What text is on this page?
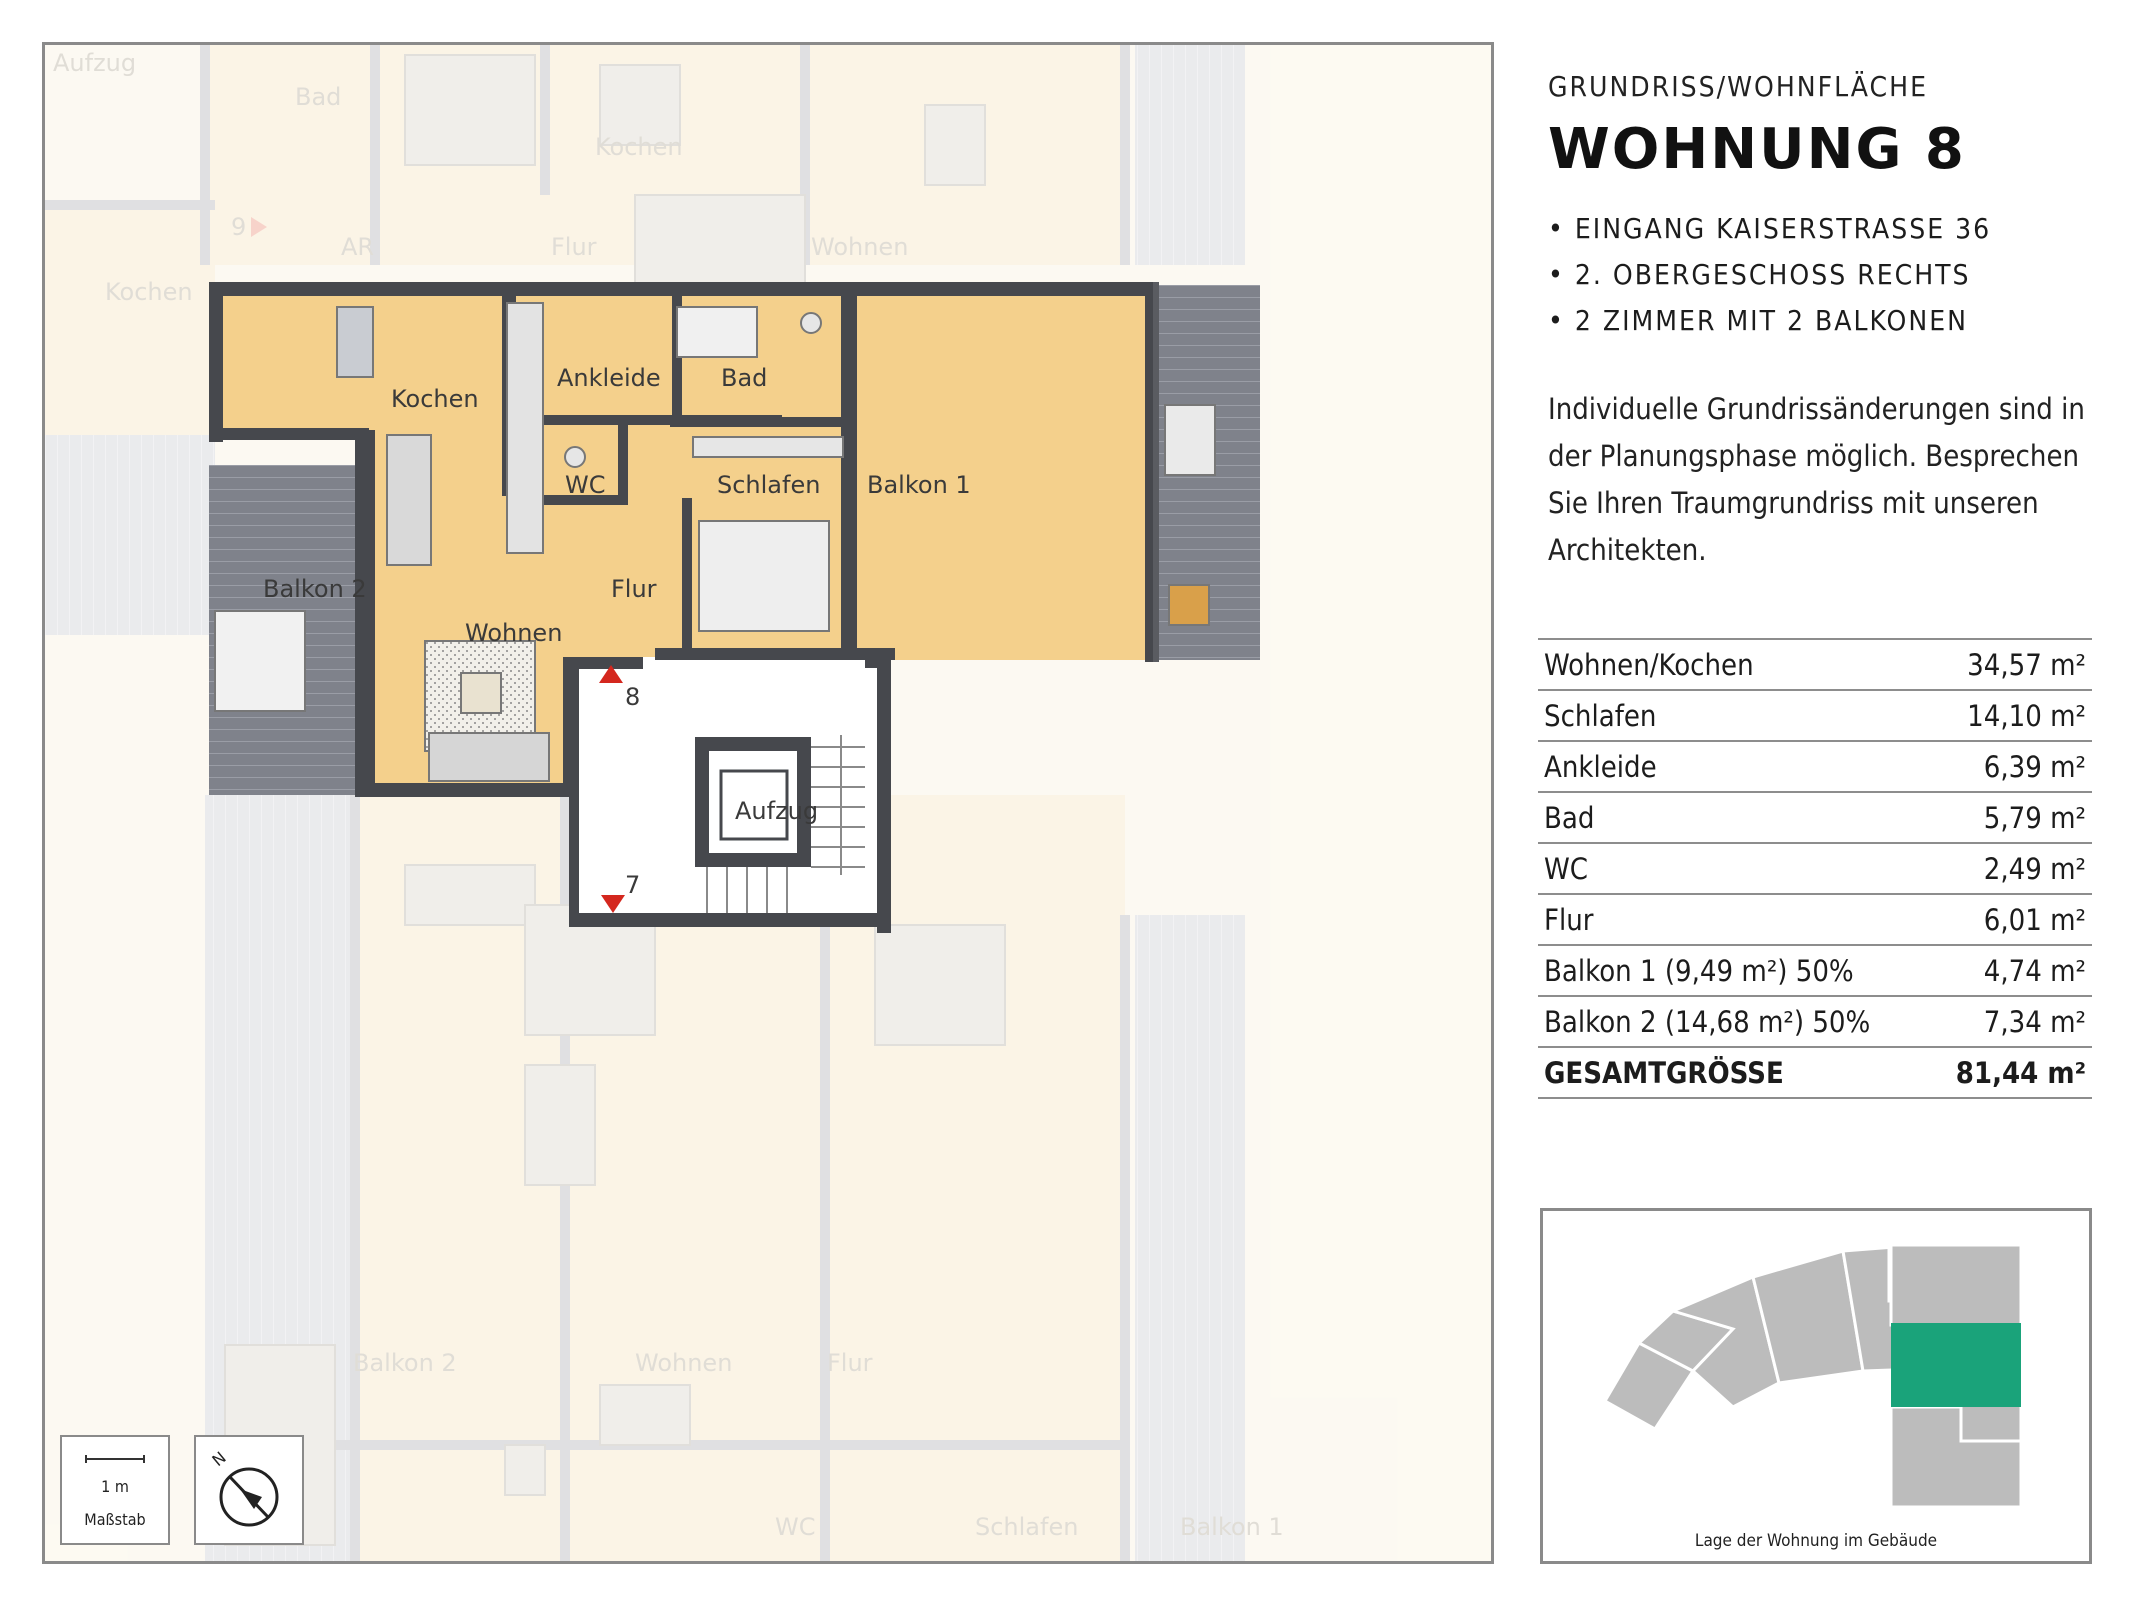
Aufzug
Bad
Kochen
Kochen
AR	Flur	Wohnen
9
Balkon 2	Wohnen	Flur
WC	Schlafen	Balkon 1
Kochen
Ankleide	Bad
WC	Schlafen
Flur
Wohnen
Balkon 1
Balkon 2
Aufzug
8
7
1 m
Maßstab
N
GRUNDRISS/WOHNFLÄCHE
WOHNUNG 8
• EINGANG KAISERSTRASSE 36
• 2. OBERGESCHOSS RECHTS
• 2 ZIMMER MIT 2 BALKONEN
Individuelle Grundrissänderungen sind in der Planungsphase möglich. Besprechen Sie Ihren Traumgrundriss mit unseren Architekten.
Wohnen/Kochen	34,57 m²
Schlafen	14,10 m²
Ankleide	6,39 m²
Bad	5,79 m²
WC	2,49 m²
Flur	6,01 m²
Balkon 1 (9,49 m²) 50%	4,74 m²
Balkon 2 (14,68 m²) 50%	7,34 m²
GESAMTGRÖSSE	81,44 m²
Lage der Wohnung im Gebäude
